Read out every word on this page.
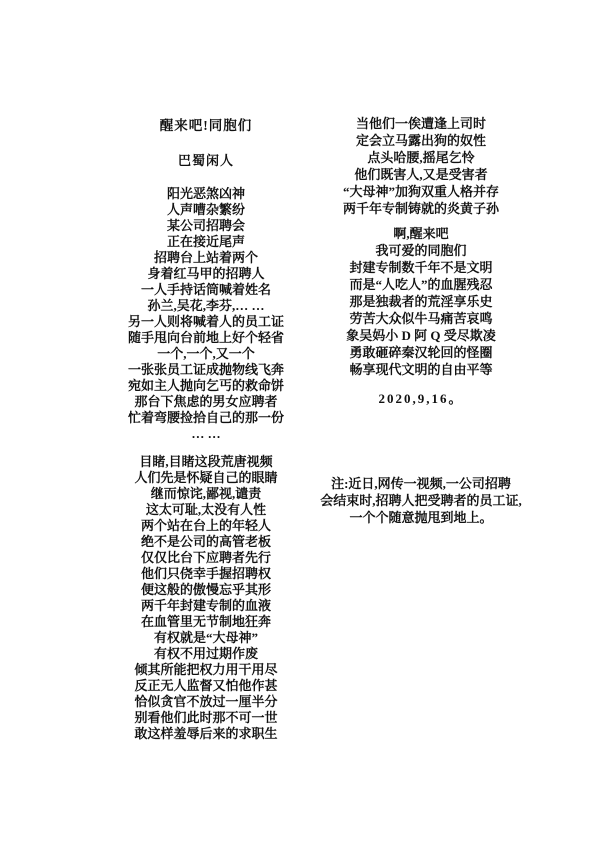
醒来吧!同胞们
巴蜀闲人
阳光恶煞凶神
人声嘈杂繁纷
某公司招聘会
正在接近尾声
招聘台上站着两个
身着红马甲的招聘人
一人手持话筒喊着姓名
孙兰,吴花,李芬,… …
另一人则将喊着人的员工证
随手甩向台前地上好个轻省
一个,一个,又一个
一张张员工证成抛物线飞奔
宛如主人抛向乞丐的救命饼
那台下焦虑的男女应聘者
忙着弯腰捡拾自己的那一份
… …
目睹,目睹这段荒唐视频
人们先是怀疑自己的眼睛
继而惊诧,鄙视,谴责
这太可耻,太没有人性
两个站在台上的年轻人
绝不是公司的高管老板
仅仅比台下应聘者先行
他们只侥幸手握招聘权
便这般的傲慢忘乎其形
两千年封建专制的血液
在血管里无节制地狂奔
有权就是“大母神”
有权不用过期作废
倾其所能把权力用干用尽
反正无人监督又怕他作甚
恰似贪官不放过一厘半分
别看他们此时那不可一世
敢这样羞辱后来的求职生
当他们一俟遭逢上司时
定会立马露出狗的奴性
点头哈腰,摇尾乞怜
他们既害人,又是受害者
“大母神”加狗双重人格并存
两千年专制铸就的炎黄子孙
啊,醒来吧
我可爱的同胞们
封建专制数千年不是文明
而是“人吃人”的血腥残忍
那是独裁者的荒淫享乐史
劳苦大众似牛马痛苦哀鸣
象吴妈小 D 阿 Q 受尽欺凌
勇敢砸碎秦汉轮回的怪圈
畅享现代文明的自由平等
2020,9,16。
注:近日,网传一视频,一公司招聘
会结束时,招聘人把受聘者的员工证,
一个个随意抛甩到地上。
